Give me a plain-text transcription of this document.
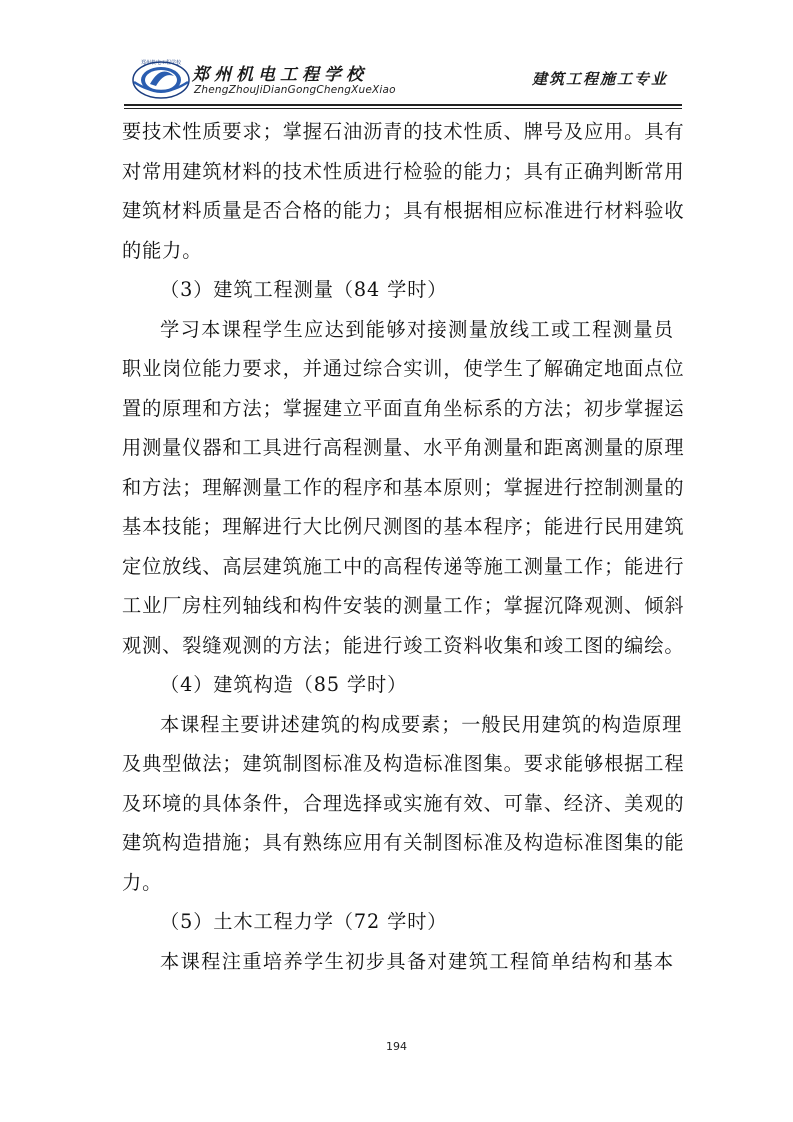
郑州机电工程学校
郑州机电工程学校
ZhengZhouJiDianGongChengXueXiao
建筑工程施工专业
要技术性质要求；掌握石油沥青的技术性质、牌号及应用。具有
对常用建筑材料的技术性质进行检验的能力；具有正确判断常用
建筑材料质量是否合格的能力；具有根据相应标准进行材料验收
的能力。
（3）建筑工程测量（84 学时）
学习本课程学生应达到能够对接测量放线工或工程测量员
职业岗位能力要求，并通过综合实训，使学生了解确定地面点位
置的原理和方法；掌握建立平面直角坐标系的方法；初步掌握运
用测量仪器和工具进行高程测量、水平角测量和距离测量的原理
和方法；理解测量工作的程序和基本原则；掌握进行控制测量的
基本技能；理解进行大比例尺测图的基本程序；能进行民用建筑
定位放线、高层建筑施工中的高程传递等施工测量工作；能进行
工业厂房柱列轴线和构件安装的测量工作；掌握沉降观测、倾斜
观测、裂缝观测的方法；能进行竣工资料收集和竣工图的编绘。
（4）建筑构造（85 学时）
本课程主要讲述建筑的构成要素；一般民用建筑的构造原理
及典型做法；建筑制图标准及构造标准图集。要求能够根据工程
及环境的具体条件，合理选择或实施有效、可靠、经济、美观的
建筑构造措施；具有熟练应用有关制图标准及构造标准图集的能
力。
（5）土木工程力学（72 学时）
本课程注重培养学生初步具备对建筑工程简单结构和基本
194
